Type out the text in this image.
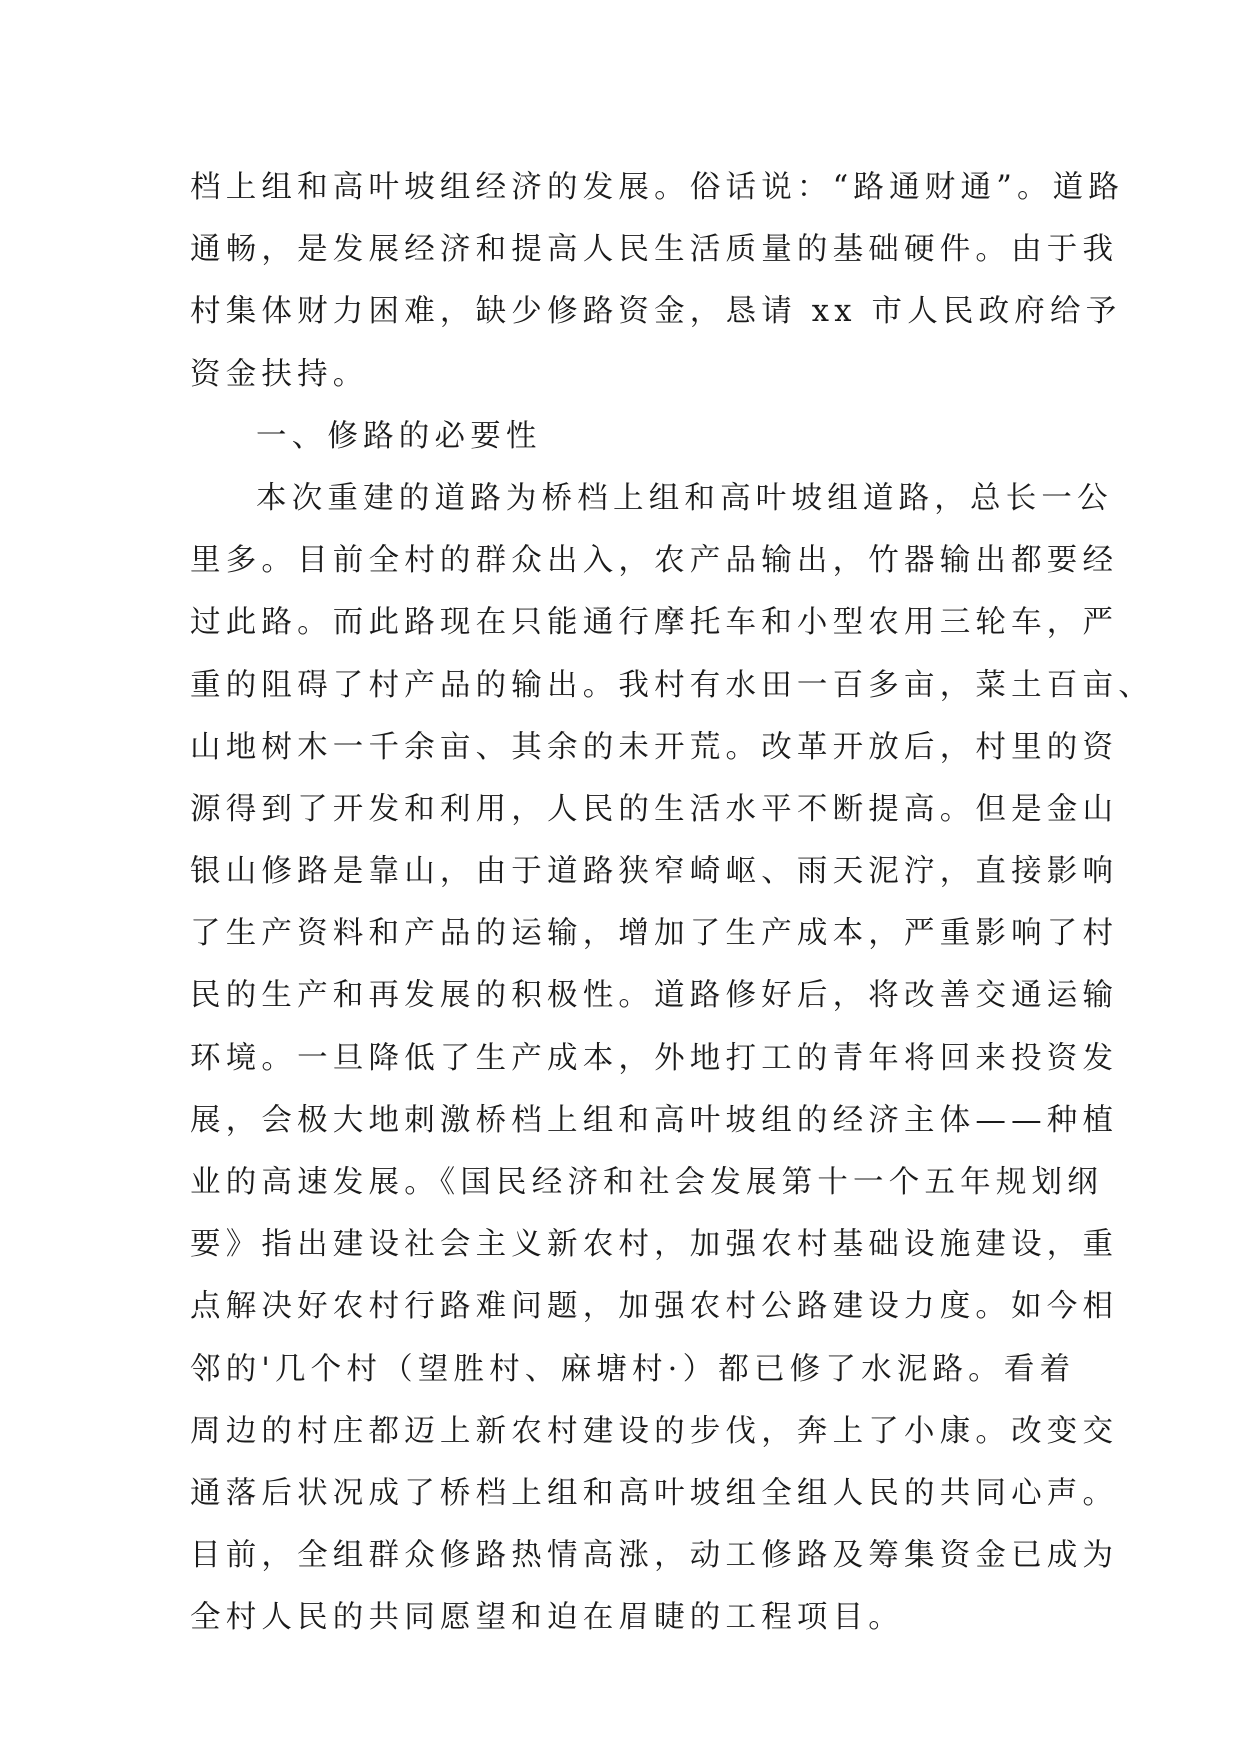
档上组和高叶坡组经济的发展。俗话说：“路通财通”。道路
通畅，是发展经济和提高人民生活质量的基础硬件。由于我
村集体财力困难，缺少修路资金，恳请 xx 市人民政府给予
资金扶持。
一、修路的必要性
本次重建的道路为桥档上组和高叶坡组道路，总长一公
里多。目前全村的群众出入，农产品输出，竹器输出都要经
过此路。而此路现在只能通行摩托车和小型农用三轮车，严
重的阻碍了村产品的输出。我村有水田一百多亩，菜土百亩、
山地树木一千余亩、其余的未开荒。改革开放后，村里的资
源得到了开发和利用，人民的生活水平不断提高。但是金山
银山修路是靠山，由于道路狭窄崎岖、雨天泥泞，直接影响
了生产资料和产品的运输，增加了生产成本，严重影响了村
民的生产和再发展的积极性。道路修好后，将改善交通运输
环境。一旦降低了生产成本，外地打工的青年将回来投资发
展，会极大地刺激桥档上组和高叶坡组的经济主体——种植
业的高速发展。《国民经济和社会发展第十一个五年规划纲
要》指出建设社会主义新农村，加强农村基础设施建设，重
点解决好农村行路难问题，加强农村公路建设力度。如今相
邻的'几个村（望胜村、麻塘村·）都已修了水泥路。看着
周边的村庄都迈上新农村建设的步伐，奔上了小康。改变交
通落后状况成了桥档上组和高叶坡组全组人民的共同心声。
目前，全组群众修路热情高涨，动工修路及筹集资金已成为
全村人民的共同愿望和迫在眉睫的工程项目。
